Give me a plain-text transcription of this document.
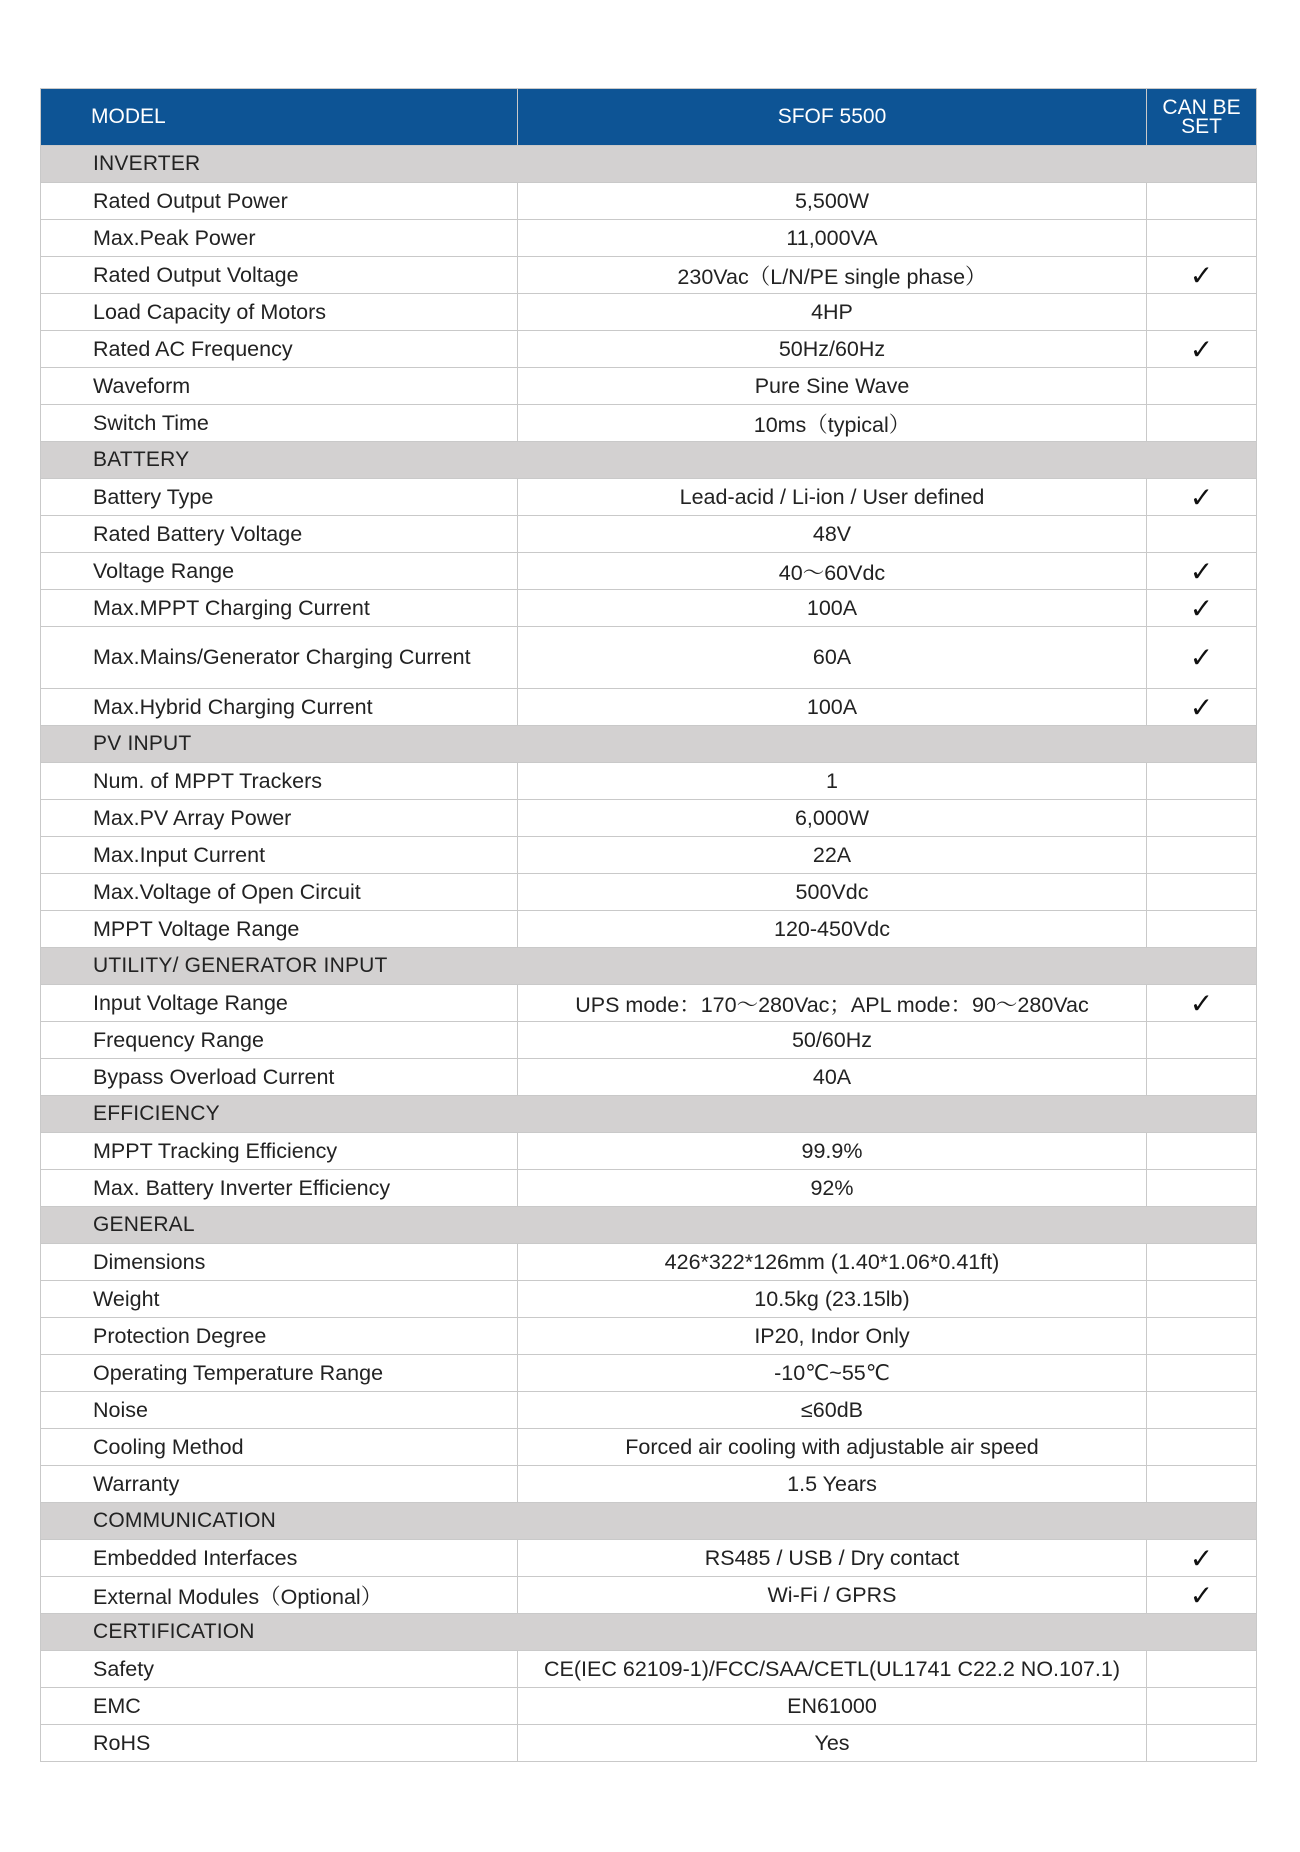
MODEL	SFOF 5500	CAN BE SET
INVERTER		
Rated Output Power	5,500W	
Max.Peak Power	11,000VA	
Rated Output Voltage	230Vac（L/N/PE single phase）	✓
Load Capacity of Motors	4HP	
Rated AC Frequency	50Hz/60Hz	✓
Waveform	Pure Sine Wave	
Switch Time	10ms（typical）	
BATTERY		
Battery Type	Lead-acid / Li-ion / User defined	✓
Rated Battery Voltage	48V	
Voltage Range	40～60Vdc	✓
Max.MPPT Charging Current	100A	✓
Max.Mains/Generator Charging Current	60A	✓
Max.Hybrid Charging Current	100A	✓
PV INPUT		
Num. of MPPT Trackers	1	
Max.PV Array Power	6,000W	
Max.Input Current	22A	
Max.Voltage of Open Circuit	500Vdc	
MPPT Voltage Range	120-450Vdc	
UTILITY/ GENERATOR INPUT		
Input Voltage Range	UPS mode：170～280Vac；APL mode：90～280Vac	✓
Frequency Range	50/60Hz	
Bypass Overload Current	40A	
EFFICIENCY		
MPPT Tracking Efficiency	99.9%	
Max. Battery Inverter Efficiency	92%	
GENERAL		
Dimensions	426*322*126mm (1.40*1.06*0.41ft)	
Weight	10.5kg (23.15lb)	
Protection Degree	IP20, Indor Only	
Operating Temperature Range	-10℃~55℃	
Noise	≤60dB	
Cooling Method	Forced air cooling with adjustable air speed	
Warranty	1.5 Years	
COMMUNICATION		
Embedded Interfaces	RS485 / USB / Dry contact	✓
External Modules（Optional）	Wi-Fi / GPRS	✓
CERTIFICATION		
Safety	CE(IEC 62109-1)/FCC/SAA/CETL(UL1741 C22.2 NO.107.1)	
EMC	EN61000	
RoHS	Yes	
